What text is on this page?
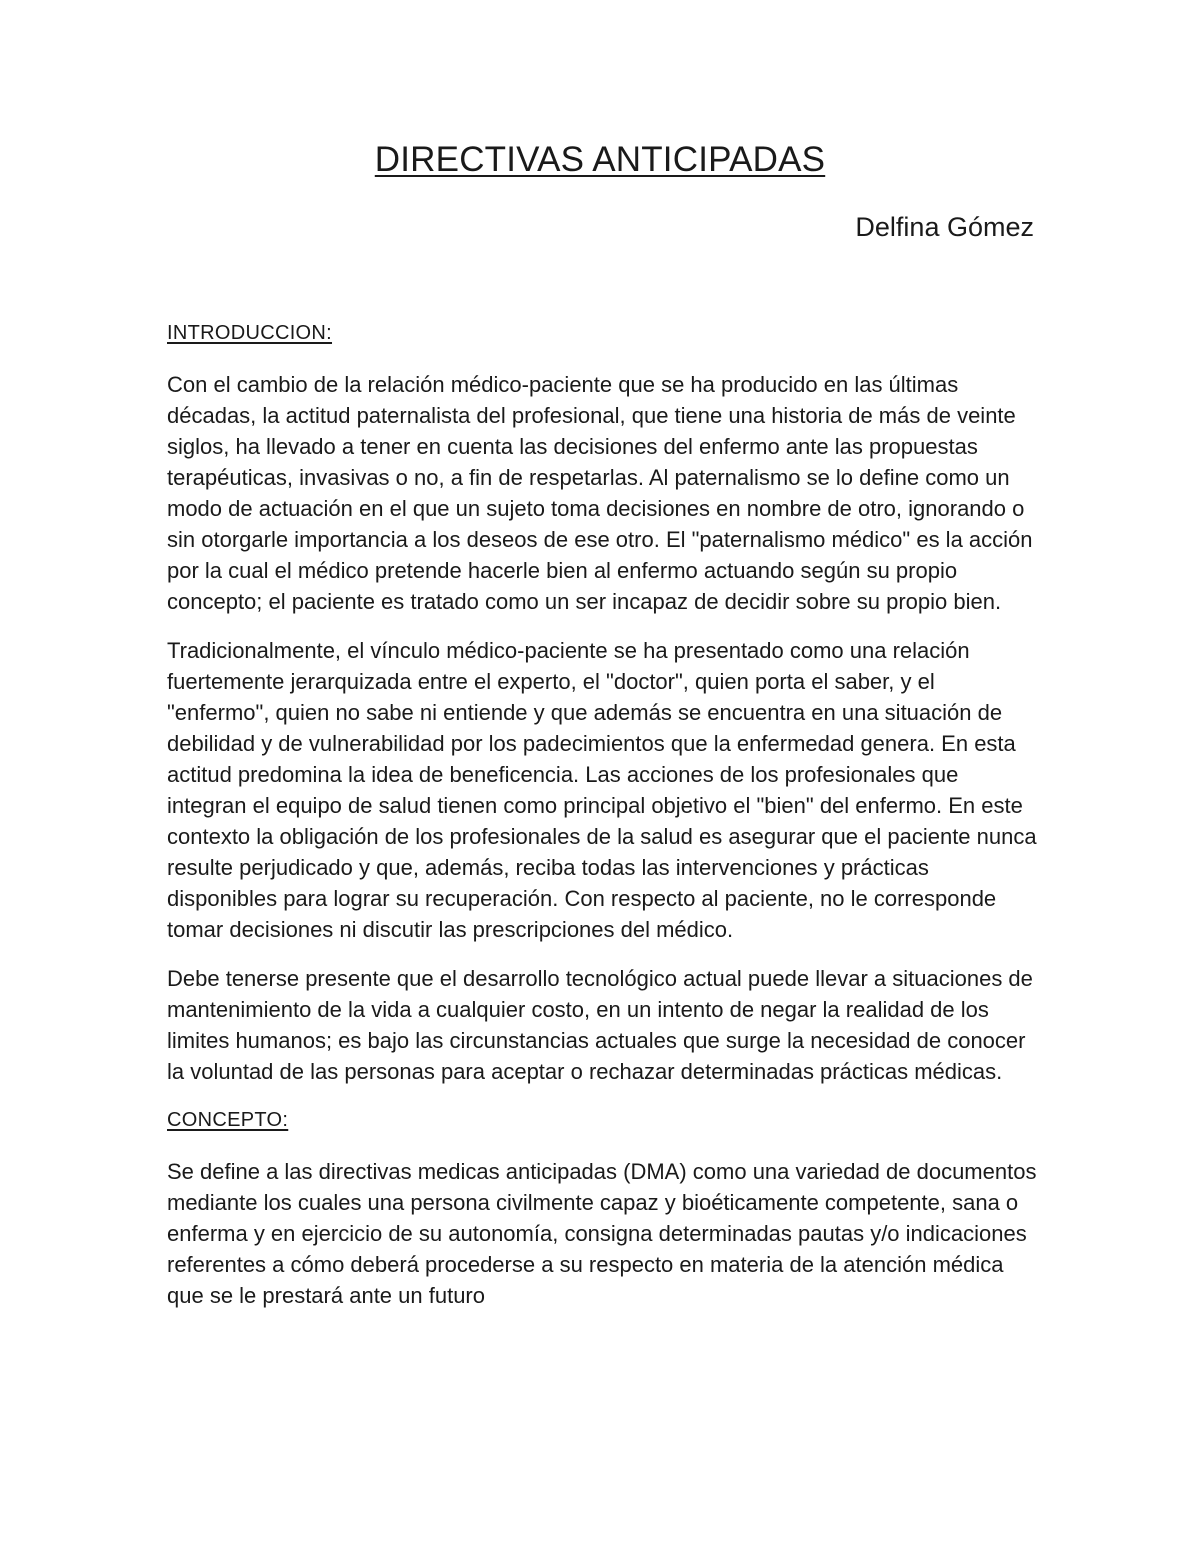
DIRECTIVAS ANTICIPADAS
Delfina Gómez
INTRODUCCION:

Con el cambio de la relación médico-paciente que se ha producido en las últimas décadas, la actitud paternalista del profesional, que tiene una historia de más de veinte siglos, ha llevado a tener en cuenta las decisiones del enfermo ante las propuestas terapéuticas, invasivas o no, a fin de respetarlas. Al paternalismo se lo define como un modo de actuación en el que un sujeto toma decisiones en nombre de otro, ignorando o sin otorgarle importancia a los deseos de ese otro. El "paternalismo médico" es la acción por la cual el médico pretende hacerle bien al enfermo actuando según su propio concepto; el paciente es tratado como un ser incapaz de decidir sobre su propio bien.

Tradicionalmente, el vínculo médico-paciente se ha presentado como una relación fuertemente jerarquizada entre el experto, el "doctor", quien porta el saber, y el "enfermo", quien no sabe ni entiende y que además se encuentra en una situación de debilidad y de vulnerabilidad por los padecimientos que la enfermedad genera. En esta actitud predomina la idea de beneficencia. Las acciones de los profesionales que integran el equipo de salud tienen como principal objetivo el "bien" del enfermo. En este contexto la obligación de los profesionales de la salud es asegurar que el paciente nunca resulte perjudicado y que, además, reciba todas las intervenciones y prácticas disponibles para lograr su recuperación. Con respecto al paciente, no le corresponde tomar decisiones ni discutir las prescripciones del médico.

Debe tenerse presente que el desarrollo tecnológico actual puede llevar a situaciones de mantenimiento de la vida a cualquier costo, en un intento de negar la realidad de los limites humanos; es bajo las circunstancias actuales que surge la necesidad de conocer la voluntad de las personas para aceptar o rechazar determinadas prácticas médicas.

CONCEPTO:

Se define a las directivas medicas anticipadas (DMA) como una variedad de documentos mediante los cuales una persona civilmente capaz y bioéticamente competente, sana o enferma y en ejercicio de su autonomía, consigna determinadas pautas y/o indicaciones referentes a cómo deberá procederse a su respecto en materia de la atención médica que se le prestará ante un futuro
